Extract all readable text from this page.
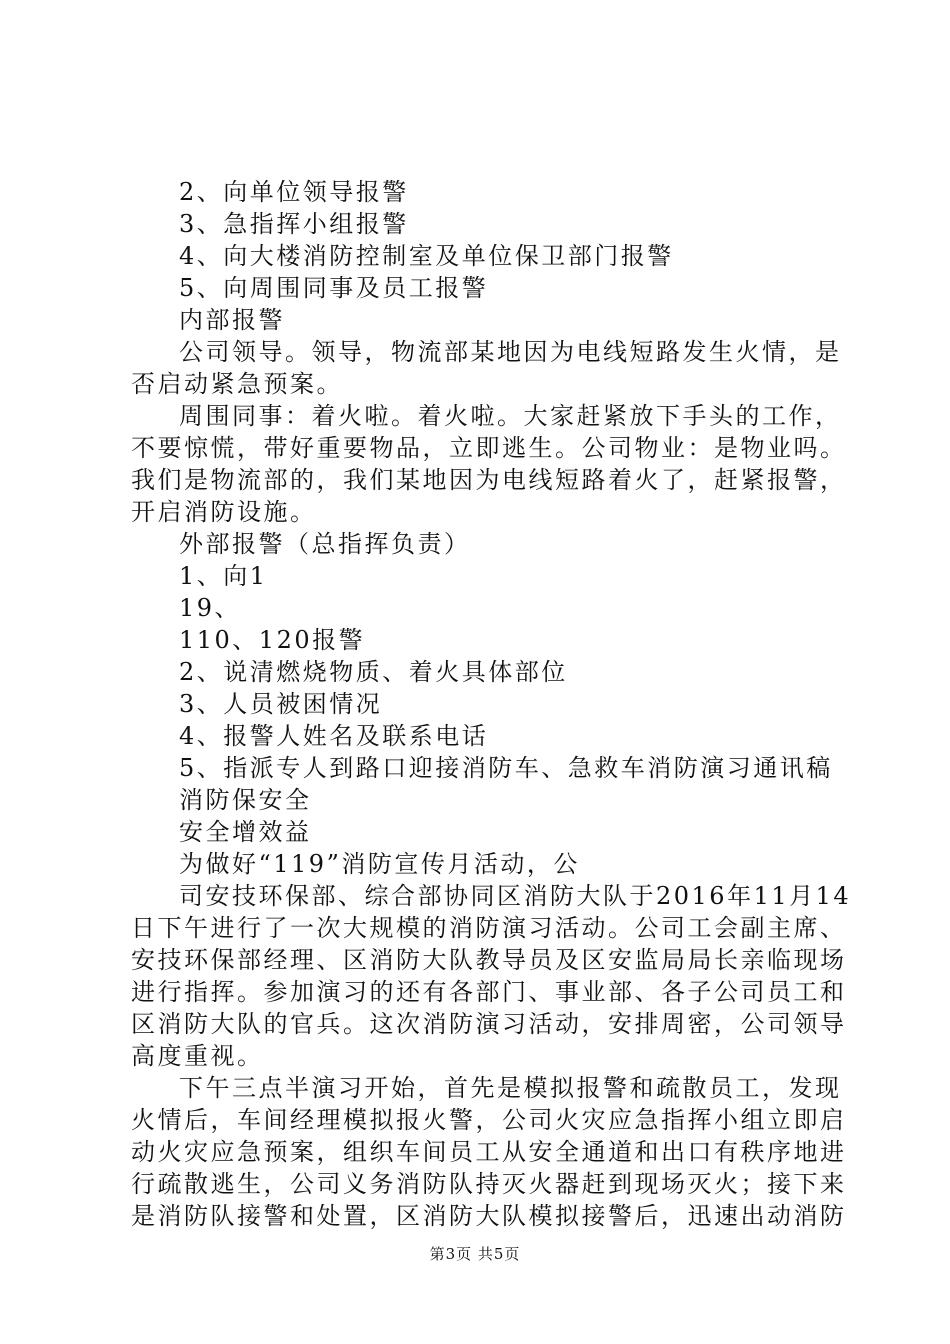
2、向单位领导报警
3、急指挥小组报警
4、向大楼消防控制室及单位保卫部门报警
5、向周围同事及员工报警
内部报警
公司领导。领导，物流部某地因为电线短路发生火情，是
否启动紧急预案。
周围同事：着火啦。着火啦。大家赶紧放下手头的工作，
不要惊慌，带好重要物品，立即逃生。公司物业：是物业吗。
我们是物流部的，我们某地因为电线短路着火了，赶紧报警，
开启消防设施。
外部报警（总指挥负责）
1、向1
19、
110、120报警
2、说清燃烧物质、着火具体部位
3、人员被困情况
4、报警人姓名及联系电话
5、指派专人到路口迎接消防车、急救车消防演习通讯稿
消防保安全
安全增效益
为做好“119”消防宣传月活动，公
司安技环保部、综合部协同区消防大队于2016年11月14
日下午进行了一次大规模的消防演习活动。公司工会副主席、
安技环保部经理、区消防大队教导员及区安监局局长亲临现场
进行指挥。参加演习的还有各部门、事业部、各子公司员工和
区消防大队的官兵。这次消防演习活动，安排周密，公司领导
高度重视。
下午三点半演习开始，首先是模拟报警和疏散员工，发现
火情后，车间经理模拟报火警，公司火灾应急指挥小组立即启
动火灾应急预案，组织车间员工从安全通道和出口有秩序地进
行疏散逃生，公司义务消防队持灭火器赶到现场灭火；接下来
是消防队接警和处置，区消防大队模拟接警后，迅速出动消防
第3页 共5页
